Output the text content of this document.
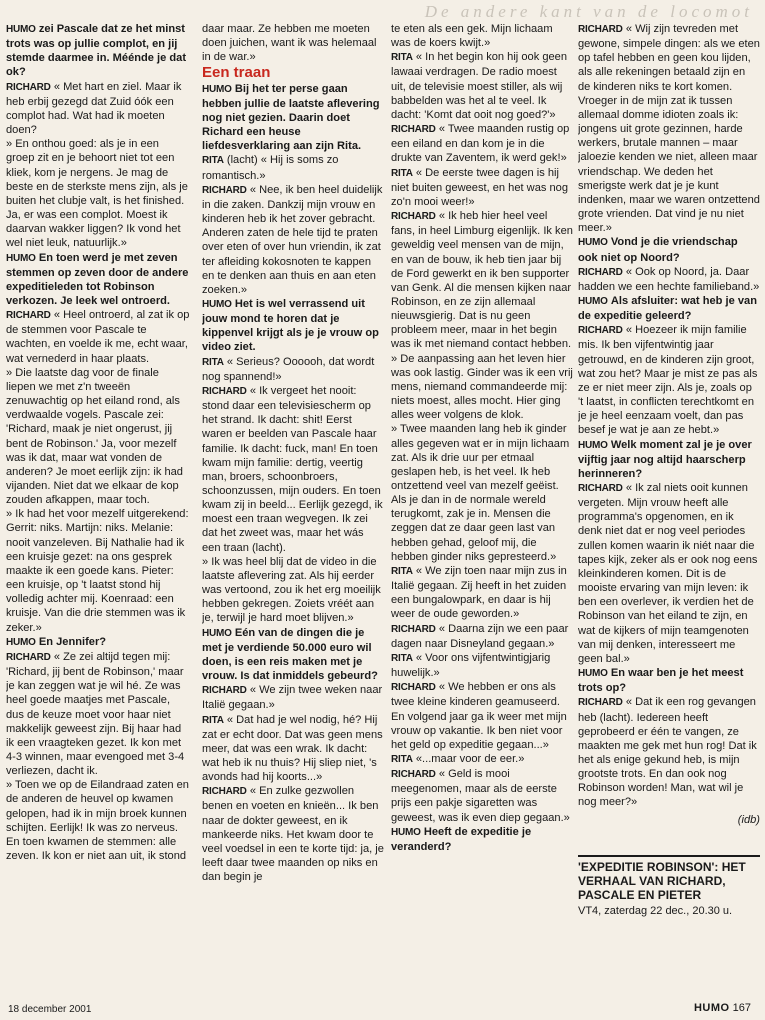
De andere kant van de locomot

HUMO zei Pascale dat ze het minst trots was op jullie complot, en jij stemde daarmee in. Méénde je dat ok?

RICHARD « Met hart en ziel. Maar ik heb erbij gezegd dat Zuid óók een complot had. Wat had ik moeten doen?

» En onthou goed: als je in een groep zit en je behoort niet tot een kliek, kom je nergens. Je mag de beste en de sterkste mens zijn, als je buiten het clubje valt, is het finished. Ja, er was een complot. Moest ik daarvan wakker liggen? Ik vond het wel niet leuk, natuurlijk.»

HUMO En toen werd je met zeven stemmen op zeven door de andere expeditieleden tot Robinson verkozen. Je leek wel ontroerd.

RICHARD « Heel ontroerd, al zat ik op de stemmen voor Pascale te wachten, en voelde ik me, echt waar, wat vernederd in haar plaats.

» Die laatste dag voor de finale liepen we met z'n tweeën zenuwachtig op het eiland rond, als verdwaalde vogels. Pascale zei: 'Richard, maak je niet ongerust, jij bent de Robinson.' Ja, voor mezelf was ik dat, maar wat vonden de anderen? Je moet eerlijk zijn: ik had vijanden. Niet dat we elkaar de kop zouden afkappen, maar toch.

» Ik had het voor mezelf uitgerekend: Gerrit: niks. Martijn: niks. Melanie: nooit vanzeleven. Bij Nathalie had ik een kruisje gezet: na ons gesprek maakte ik een goede kans. Pieter: een kruisje, op 't laatst stond hij volledig achter mij. Koenraad: een kruisje. Van die drie stemmen was ik zeker.»

HUMO En Jennifer?

RICHARD « Ze zei altijd tegen mij: 'Richard, jij bent de Robinson,' maar je kan zeggen wat je wil hé. Ze was heel goede maatjes met Pascale, dus de keuze moet voor haar niet makkelijk geweest zijn. Bij haar had ik een vraagteken gezet. Ik kon met 4-3 winnen, maar evengoed met 3-4 verliezen, dacht ik.

» Toen we op de Eilandraad zaten en de anderen de heuvel op kwamen gelopen, had ik in mijn broek kunnen schijten. Eerlijk! Ik was zo nerveus. En toen kwamen de stemmen: alle zeven. Ik kon er niet aan uit, ik stond

daar maar. Ze hebben me moeten doen juichen, want ik was helemaal in de war.»

Een traan

HUMO Bij het ter perse gaan hebben jullie de laatste aflevering nog niet gezien. Daarin doet Richard een heuse liefdesverklaring aan zijn Rita.

RITA (lacht) « Hij is soms zo romantisch.»

RICHARD « Nee, ik ben heel duidelijk in die zaken. Dankzij mijn vrouw en kinderen heb ik het zover gebracht. Anderen zaten de hele tijd te praten over eten of over hun vriendin, ik zat ter afleiding kokosnoten te kappen en te denken aan thuis en aan eten zoeken.»

HUMO Het is wel verrassend uit jouw mond te horen dat je kippenvel krijgt als je je vrouw op video ziet.

RITA « Serieus? Oooooh, dat wordt nog spannend!»

RICHARD « Ik vergeet het nooit: stond daar een televisiescherm op het strand. Ik dacht: shit! Eerst waren er beelden van Pascale haar familie. Ik dacht: fuck, man! En toen kwam mijn familie: dertig, veertig man, broers, schoonbroers, schoonzussen, mijn ouders. En toen kwam zij in beeld... Eerlijk gezegd, ik moest een traan wegvegen. Ik zei dat het zweet was, maar het wás een traan (lacht).

» Ik was heel blij dat de video in die laatste aflevering zat. Als hij eerder was vertoond, zou ik het erg moeilijk hebben gekregen. Zoiets vréét aan je, terwijl je hard moet blijven.»

HUMO Eén van de dingen die je met je verdiende 50.000 euro wil doen, is een reis maken met je vrouw. Is dat inmiddels gebeurd?

RICHARD « We zijn twee weken naar Italië gegaan.»

RITA « Dat had je wel nodig, hé? Hij zat er echt door. Dat was geen mens meer, dat was een wrak. Ik dacht: wat heb ik nu thuis? Hij sliep niet, 's avonds had hij koorts...»

RICHARD « En zulke gezwollen benen en voeten en knieën... Ik ben naar de dokter geweest, en ik mankeerde niks. Het kwam door te veel voedsel in een te korte tijd: ja, je leeft daar twee maanden op niks en dan begin je

te eten als een gek. Mijn lichaam was de koers kwijt.»

RITA « In het begin kon hij ook geen lawaai verdragen. De radio moest uit, de televisie moest stiller, als wij babbelden was het al te veel. Ik dacht: 'Komt dat ooit nog goed?'»

RICHARD « Twee maanden rustig op een eiland en dan kom je in die drukte van Zaventem, ik werd gek!»

RITA « De eerste twee dagen is hij niet buiten geweest, en het was nog zo'n mooi weer!»

RICHARD « Ik heb hier heel veel fans, in heel Limburg eigenlijk. Ik ken geweldig veel mensen van de mijn, en van de bouw, ik heb tien jaar bij de Ford gewerkt en ik ben supporter van Genk. Al die mensen kijken naar Robinson, en ze zijn allemaal nieuwsgierig. Dat is nu geen probleem meer, maar in het begin was ik met niemand contact hebben.

» De aanpassing aan het leven hier was ook lastig. Ginder was ik een vrij mens, niemand commandeerde mij: niets moest, alles mocht. Hier ging alles weer volgens de klok.

» Twee maanden lang heb ik ginder alles gegeven wat er in mijn lichaam zat. Als ik drie uur per etmaal geslapen heb, is het veel. Ik heb ontzettend veel van mezelf geëist. Als je dan in de normale wereld terugkomt, zak je in. Mensen die zeggen dat ze daar geen last van hebben gehad, geloof mij, die hebben ginder niks gepresteerd.»

RITA « We zijn toen naar mijn zus in Italië gegaan. Zij heeft in het zuiden een bungalowpark, en daar is hij weer de oude geworden.»

RICHARD « Daarna zijn we een paar dagen naar Disneyland gegaan.»

RITA « Voor ons vijfentwintigjarig huwelijk.»

RICHARD « We hebben er ons als twee kleine kinderen geamuseerd. En volgend jaar ga ik weer met mijn vrouw op vakantie. Ik ben niet voor het geld op expeditie gegaan...»

RITA «...maar voor de eer.»

RICHARD « Geld is mooi meegenomen, maar als de eerste prijs een pakje sigaretten was geweest, was ik even diep gegaan.»

HUMO Heeft de expeditie je veranderd?

RICHARD « Wij zijn tevreden met gewone, simpele dingen: als we eten op tafel hebben en geen kou lijden, als alle rekeningen betaald zijn en de kinderen niks te kort komen. Vroeger in de mijn zat ik tussen allemaal domme idioten zoals ik: jongens uit grote gezinnen, harde werkers, brutale mannen – maar jaloezie kenden we niet, alleen maar vriendschap. We deden het smerigste werk dat je je kunt indenken, maar we waren ontzettend grote vrienden. Dat vind je nu niet meer.»

HUMO Vond je die vriendschap ook niet op Noord?

RICHARD « Ook op Noord, ja. Daar hadden we een hechte familieband.»

HUMO Als afsluiter: wat heb je van de expeditie geleerd?

RICHARD « Hoezeer ik mijn familie mis. Ik ben vijfentwintig jaar getrouwd, en de kinderen zijn groot, wat zou het? Maar je mist ze pas als ze er niet meer zijn. Als je, zoals op 't laatst, in conflicten terechtkomt en je je heel eenzaam voelt, dan pas besef je wat je aan ze hebt.»

HUMO Welk moment zal je je over vijftig jaar nog altijd haarscherp herinneren?

RICHARD « Ik zal niets ooit kunnen vergeten. Mijn vrouw heeft alle programma's opgenomen, en ik denk niet dat er nog veel periodes zullen komen waarin ik niét naar die tapes kijk, zeker als er ook nog eens kleinkinderen komen. Dit is de mooiste ervaring van mijn leven: ik ben een overlever, ik verdien het de Robinson van het eiland te zijn, en wat de kijkers of mijn teamgenoten van mij denken, interesseert me geen bal.»

HUMO En waar ben je het meest trots op?

RICHARD « Dat ik een rog gevangen heb (lacht). Iedereen heeft geprobeerd er één te vangen, ze maakten me gek met hun rog! Dat ik het als enige gekund heb, is mijn grootste trots. En dan ook nog Robinson worden! Man, wat wil je nog meer?»

(idb)

'EXPEDITIE ROBINSON': HET VERHAAL VAN RICHARD, PASCALE EN PIETER

VT4, zaterdag 22 dec., 20.30 u.
18 december 2001	HUMO 167
